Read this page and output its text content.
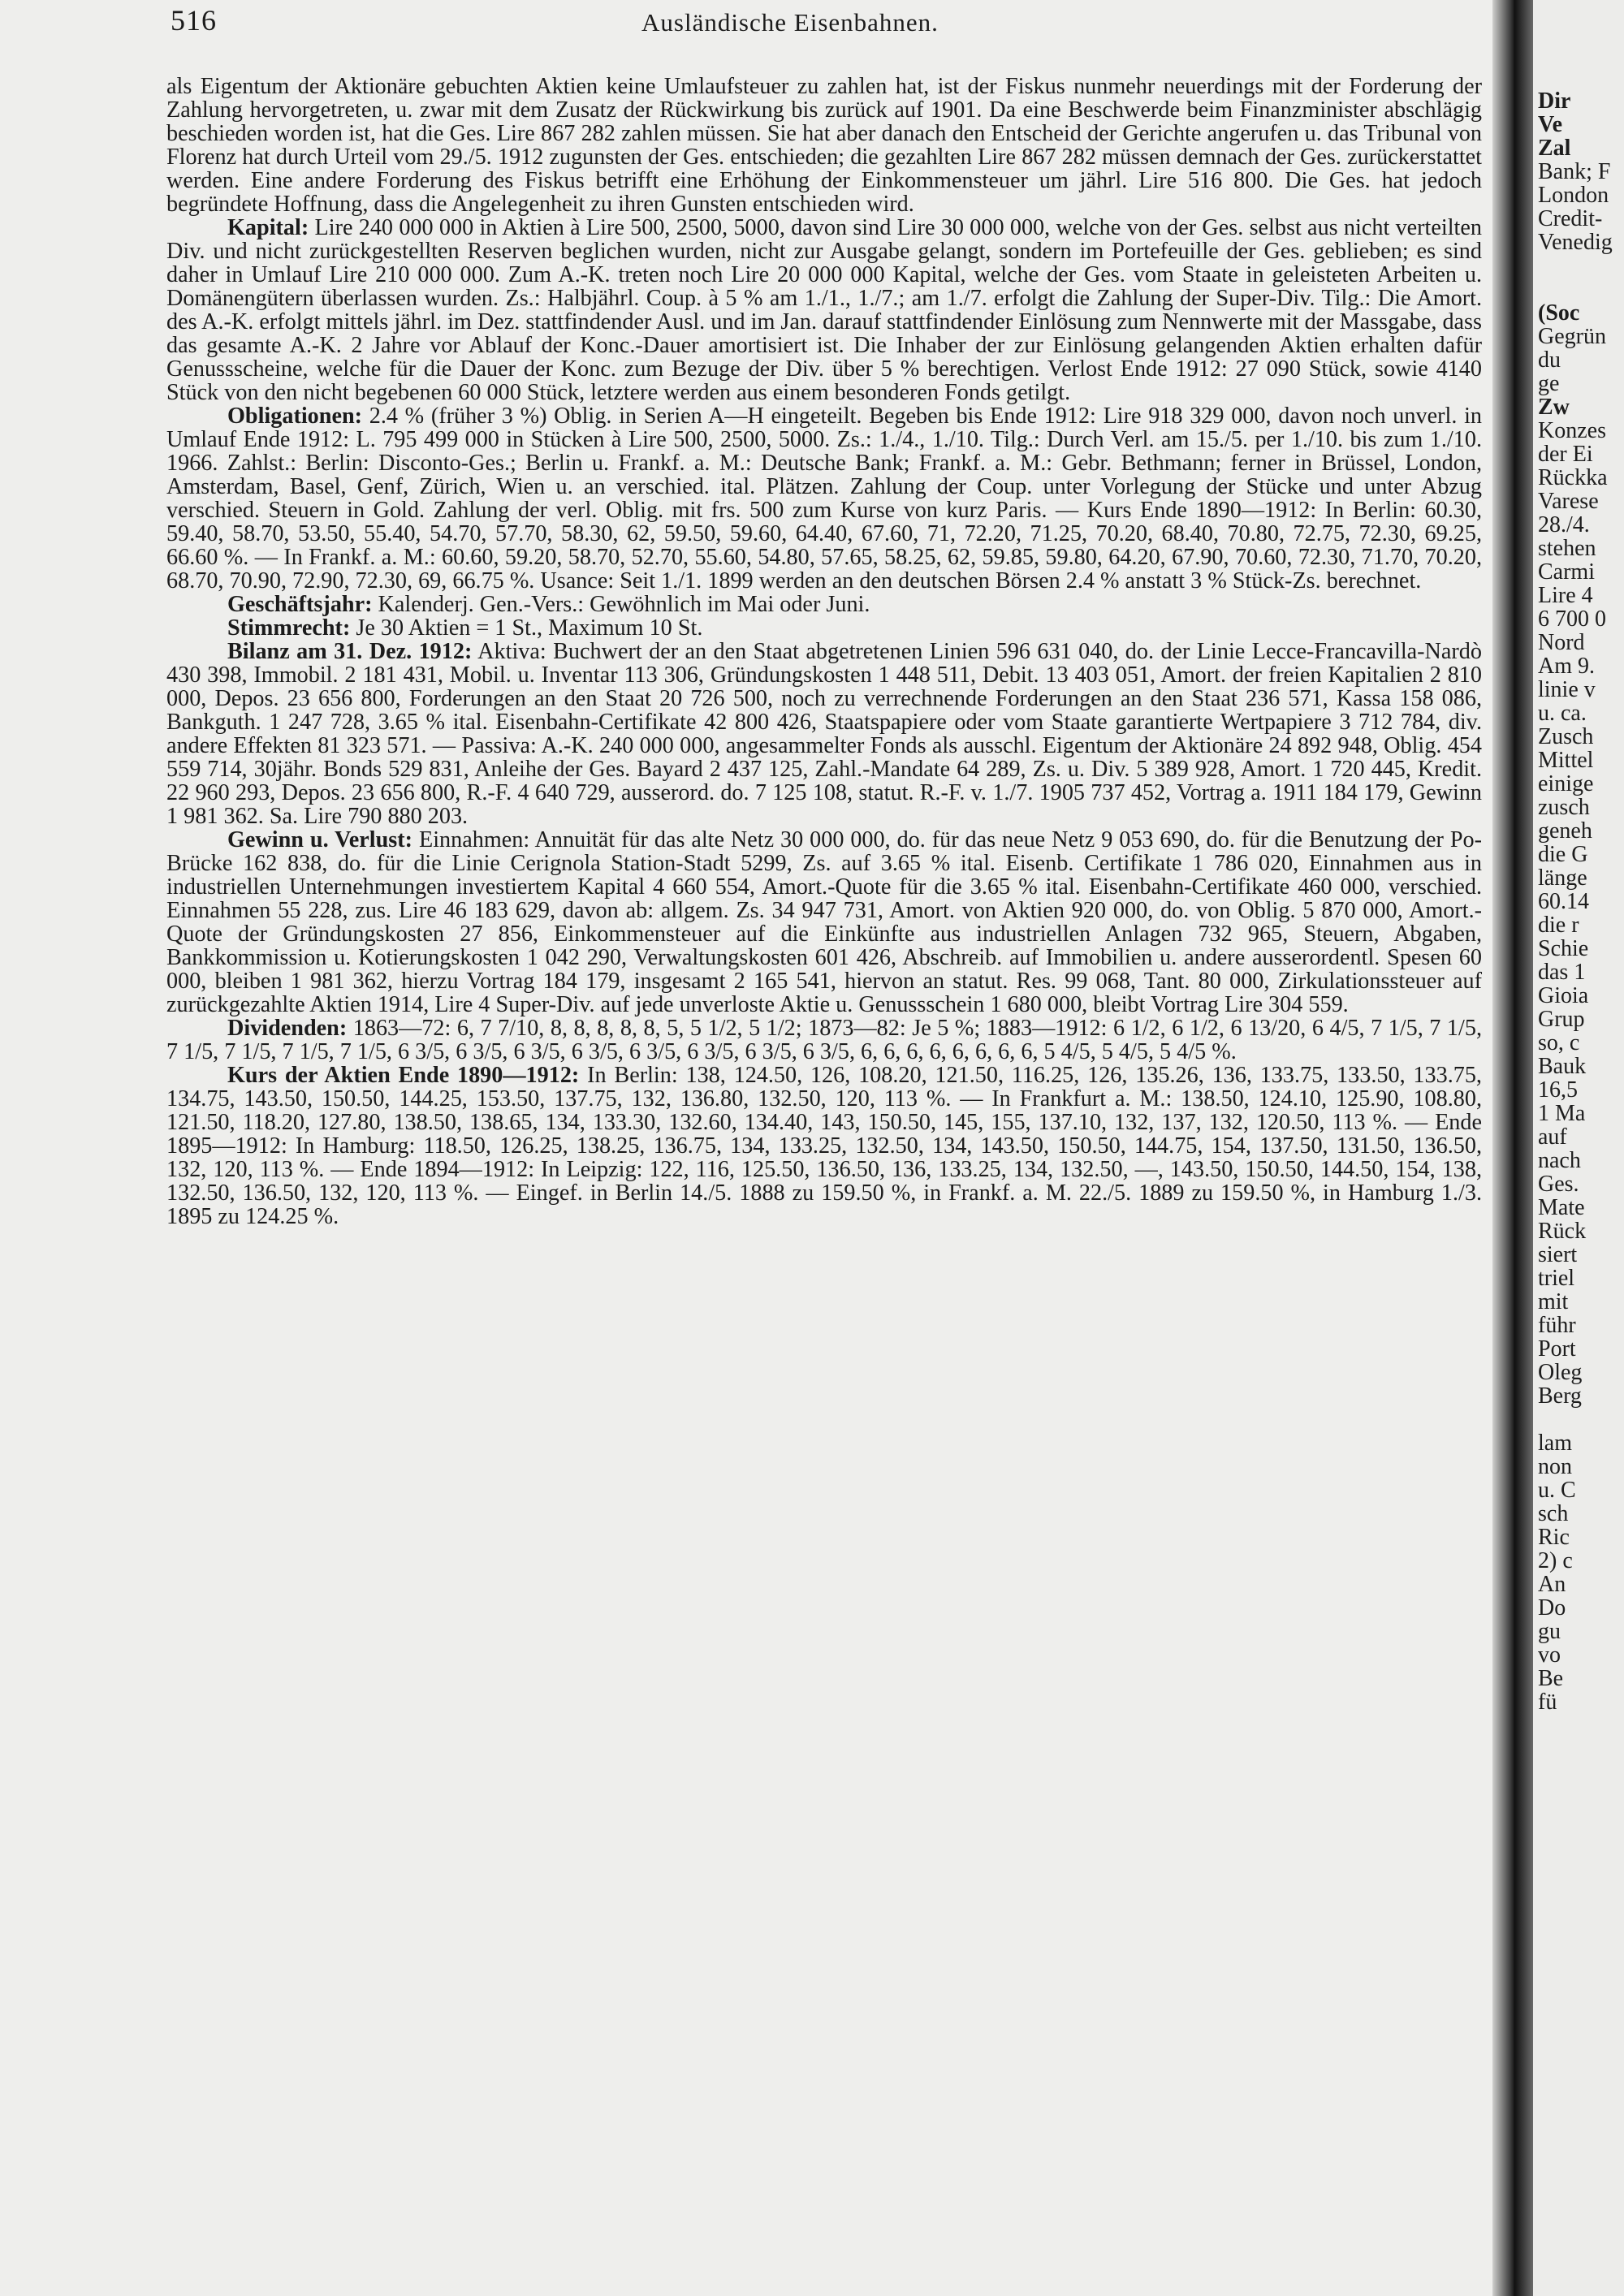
516	Ausländische Eisenbahnen.

als Eigentum der Aktionäre gebuchten Aktien keine Umlaufsteuer zu zahlen hat, ist der Fiskus nunmehr neuerdings mit der Forderung der Zahlung hervorgetreten, u. zwar mit dem Zusatz der Rückwirkung bis zurück auf 1901. Da eine Beschwerde beim Finanzminister abschlägig beschieden worden ist, hat die Ges. Lire 867 282 zahlen müssen. Sie hat aber danach den Entscheid der Gerichte angerufen u. das Tribunal von Florenz hat durch Urteil vom 29./5. 1912 zugunsten der Ges. entschieden; die gezahlten Lire 867 282 müssen demnach der Ges. zurückerstattet werden. Eine andere Forderung des Fiskus betrifft eine Erhöhung der Einkommensteuer um jährl. Lire 516 800. Die Ges. hat jedoch begründete Hoffnung, dass die Angelegenheit zu ihren Gunsten entschieden wird.

Kapital: Lire 240 000 000 in Aktien à Lire 500, 2500, 5000, davon sind Lire 30 000 000, welche von der Ges. selbst aus nicht verteilten Div. und nicht zurückgestellten Reserven beglichen wurden, nicht zur Ausgabe gelangt, sondern im Portefeuille der Ges. geblieben; es sind daher in Umlauf Lire 210 000 000. Zum A.-K. treten noch Lire 20 000 000 Kapital, welche der Ges. vom Staate in geleisteten Arbeiten u. Domänengütern überlassen wurden. Zs.: Halbjährl. Coup. à 5 % am 1./1., 1./7.; am 1./7. erfolgt die Zahlung der Super-Div. Tilg.: Die Amort. des A.-K. erfolgt mittels jährl. im Dez. stattfindender Ausl. und im Jan. darauf stattfindender Einlösung zum Nennwerte mit der Massgabe, dass das gesamte A.-K. 2 Jahre vor Ablauf der Konc.-Dauer amortisiert ist. Die Inhaber der zur Einlösung gelangenden Aktien erhalten dafür Genussscheine, welche für die Dauer der Konc. zum Bezuge der Div. über 5 % berechtigen. Verlost Ende 1912: 27 090 Stück, sowie 4140 Stück von den nicht begebenen 60 000 Stück, letztere werden aus einem besonderen Fonds getilgt.

Obligationen: 2.4 % (früher 3 %) Oblig. in Serien A—H eingeteilt. Begeben bis Ende 1912: Lire 918 329 000, davon noch unverl. in Umlauf Ende 1912: L. 795 499 000 in Stücken à Lire 500, 2500, 5000. Zs.: 1./4., 1./10. Tilg.: Durch Verl. am 15./5. per 1./10. bis zum 1./10. 1966. Zahlst.: Berlin: Disconto-Ges.; Berlin u. Frankf. a. M.: Deutsche Bank; Frankf. a. M.: Gebr. Bethmann; ferner in Brüssel, London, Amsterdam, Basel, Genf, Zürich, Wien u. an verschied. ital. Plätzen. Zahlung der Coup. unter Vorlegung der Stücke und unter Abzug verschied. Steuern in Gold. Zahlung der verl. Oblig. mit frs. 500 zum Kurse von kurz Paris. — Kurs Ende 1890—1912: In Berlin: 60.30, 59.40, 58.70, 53.50, 55.40, 54.70, 57.70, 58.30, 62, 59.50, 59.60, 64.40, 67.60, 71, 72.20, 71.25, 70.20, 68.40, 70.80, 72.75, 72.30, 69.25, 66.60 %. — In Frankf. a. M.: 60.60, 59.20, 58.70, 52.70, 55.60, 54.80, 57.65, 58.25, 62, 59.85, 59.80, 64.20, 67.90, 70.60, 72.30, 71.70, 70.20, 68.70, 70.90, 72.90, 72.30, 69, 66.75 %. Usance: Seit 1./1. 1899 werden an den deutschen Börsen 2.4 % anstatt 3 % Stück-Zs. berechnet.

Geschäftsjahr: Kalenderj. Gen.-Vers.: Gewöhnlich im Mai oder Juni.

Stimmrecht: Je 30 Aktien = 1 St., Maximum 10 St.

Bilanz am 31. Dez. 1912: Aktiva: Buchwert der an den Staat abgetretenen Linien 596 631 040, do. der Linie Lecce-Francavilla-Nardò 430 398, Immobil. 2 181 431, Mobil. u. Inventar 113 306, Gründungskosten 1 448 511, Debit. 13 403 051, Amort. der freien Kapitalien 2 810 000, Depos. 23 656 800, Forderungen an den Staat 20 726 500, noch zu verrechnende Forderungen an den Staat 236 571, Kassa 158 086, Bankguth. 1 247 728, 3.65 % ital. Eisenbahn-Certifikate 42 800 426, Staatspapiere oder vom Staate garantierte Wertpapiere 3 712 784, div. andere Effekten 81 323 571. — Passiva: A.-K. 240 000 000, angesammelter Fonds als ausschl. Eigentum der Aktionäre 24 892 948, Oblig. 454 559 714, 30jähr. Bonds 529 831, Anleihe der Ges. Bayard 2 437 125, Zahl.-Mandate 64 289, Zs. u. Div. 5 389 928, Amort. 1 720 445, Kredit. 22 960 293, Depos. 23 656 800, R.-F. 4 640 729, ausserord. do. 7 125 108, statut. R.-F. v. 1./7. 1905 737 452, Vortrag a. 1911 184 179, Gewinn 1 981 362. Sa. Lire 790 880 203.

Gewinn u. Verlust: Einnahmen: Annuität für das alte Netz 30 000 000, do. für das neue Netz 9 053 690, do. für die Benutzung der Po-Brücke 162 838, do. für die Linie Cerignola Station-Stadt 5299, Zs. auf 3.65 % ital. Eisenb. Certifikate 1 786 020, Einnahmen aus in industriellen Unternehmungen investiertem Kapital 4 660 554, Amort.-Quote für die 3.65 % ital. Eisenbahn-Certifikate 460 000, verschied. Einnahmen 55 228, zus. Lire 46 183 629, davon ab: allgem. Zs. 34 947 731, Amort. von Aktien 920 000, do. von Oblig. 5 870 000, Amort.-Quote der Gründungskosten 27 856, Einkommensteuer auf die Einkünfte aus industriellen Anlagen 732 965, Steuern, Abgaben, Bankkommission u. Kotierungskosten 1 042 290, Verwaltungskosten 601 426, Abschreib. auf Immobilien u. andere ausserordentl. Spesen 60 000, bleiben 1 981 362, hierzu Vortrag 184 179, insgesamt 2 165 541, hiervon an statut. Res. 99 068, Tant. 80 000, Zirkulationssteuer auf zurückgezahlte Aktien 1914, Lire 4 Super-Div. auf jede unverloste Aktie u. Genussschein 1 680 000, bleibt Vortrag Lire 304 559.

Dividenden: 1863—72: 6, 7 7/10, 8, 8, 8, 8, 8, 5, 5 1/2, 5 1/2; 1873—82: Je 5 %; 1883—1912: 6 1/2, 6 1/2, 6 13/20, 6 4/5, 7 1/5, 7 1/5, 7 1/5, 7 1/5, 7 1/5, 7 1/5, 6 3/5, 6 3/5, 6 3/5, 6 3/5, 6 3/5, 6 3/5, 6 3/5, 6 3/5, 6, 6, 6, 6, 6, 6, 6, 6, 5 4/5, 5 4/5, 5 4/5 %.

Kurs der Aktien Ende 1890—1912: In Berlin: 138, 124.50, 126, 108.20, 121.50, 116.25, 126, 135.26, 136, 133.75, 133.50, 133.75, 134.75, 143.50, 150.50, 144.25, 153.50, 137.75, 132, 136.80, 132.50, 120, 113 %. — In Frankfurt a. M.: 138.50, 124.10, 125.90, 108.80, 121.50, 118.20, 127.80, 138.50, 138.65, 134, 133.30, 132.60, 134.40, 143, 150.50, 145, 155, 137.10, 132, 137, 132, 120.50, 113 %. — Ende 1895—1912: In Hamburg: 118.50, 126.25, 138.25, 136.75, 134, 133.25, 132.50, 134, 143.50, 150.50, 144.75, 154, 137.50, 131.50, 136.50, 132, 120, 113 %. — Ende 1894—1912: In Leipzig: 122, 116, 125.50, 136.50, 136, 133.25, 134, 132.50, —, 143.50, 150.50, 144.50, 154, 138, 132.50, 136.50, 132, 120, 113 %. — Eingef. in Berlin 14./5. 1888 zu 159.50 %, in Frankf. a. M. 22./5. 1889 zu 159.50 %, in Hamburg 1./3. 1895 zu 124.25 %.

Dir
Ve
Zal
Bank; F
London
Credit-
Venedig
(Soc
Gegrün
du
ge
Zw
Konzes
der Ei
Rückka
Varese
28./4.
stehen
Carmi
Lire 4
6 700 0
Nord
Am 9.
linie v
u. ca.
Zusch
Mittel
einige
zusch
geneh
die G
länge
60.14
die r
Schie
das 1
Gioia
Grup
so, c
Bauk
16,5
1 Ma
auf
nach
Ges.
Mate
Rück
siert
triel
mit
führ
Port
Oleg
Berg
lam
non
u. C
sch
Ric
2) c
An
Do
gu
vo
Be
fü
